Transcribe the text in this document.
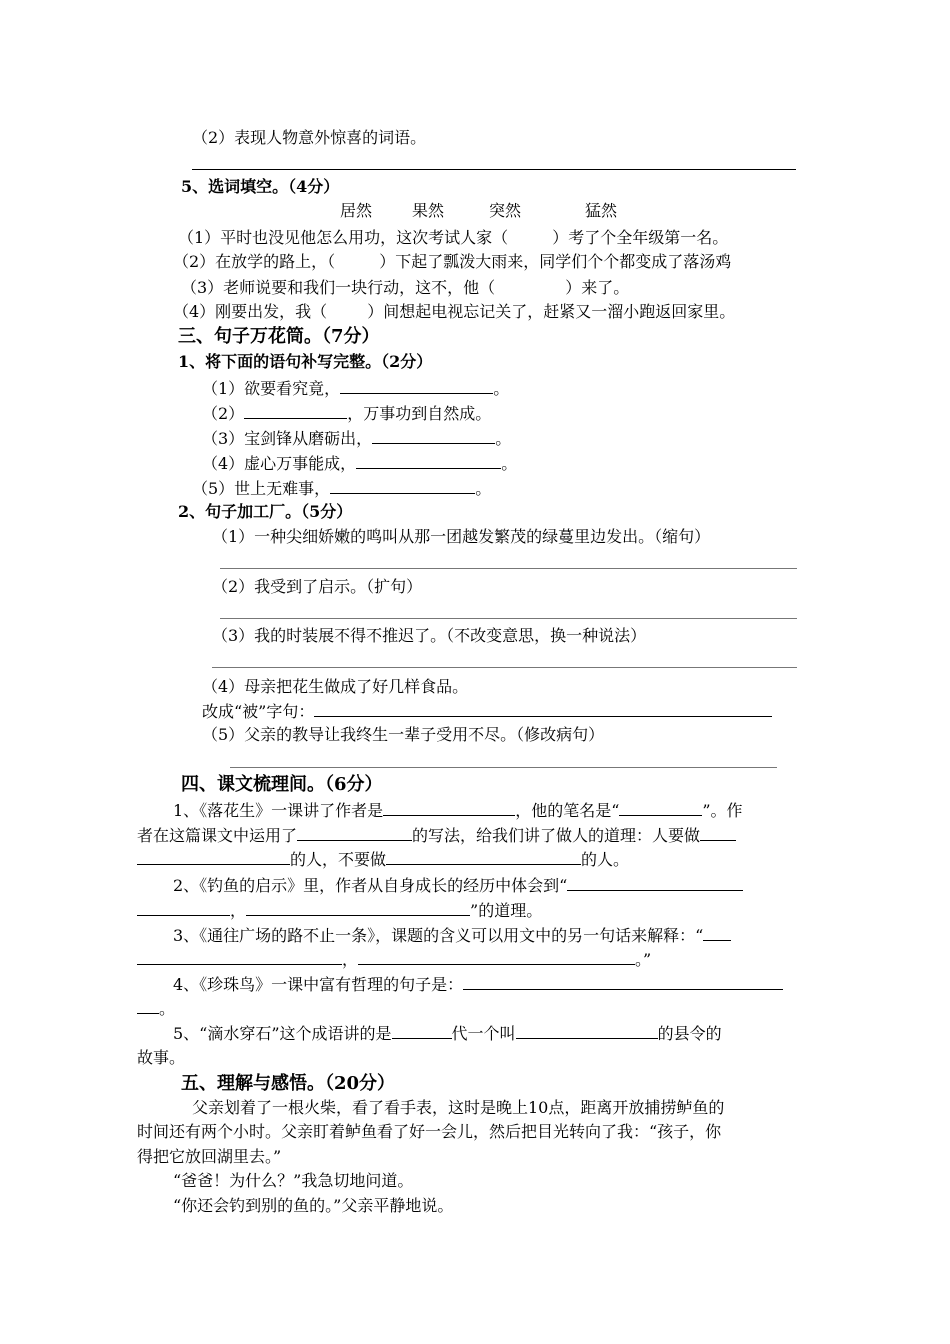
（2）表现人物意外惊喜的词语。
5、选词填空。（4分）
居然	果然	突然	猛然
（1）平时也没见他怎么用功，这次考试人家（	）考了个全年级第一名。
（2）在放学的路上，（	）下起了瓢泼大雨来，同学们个个都变成了落汤鸡
（3）老师说要和我们一块行动，这不，他（	）来了。
（4）刚要出发，我（	）间想起电视忘记关了，赶紧又一溜小跑返回家里。
三、句子万花筒。（7分）
1、将下面的语句补写完整。（2分）
（1）欲要看究竟，	。
（2）	，万事功到自然成。
（3）宝剑锋从磨砺出，	。
（4）虚心万事能成，	。
（5）世上无难事，	。
2、句子加工厂。（5分）
（1）一种尖细娇嫩的鸣叫从那一团越发繁茂的绿蔓里边发出。（缩句）
（2）我受到了启示。（扩句）
（3）我的时装展不得不推迟了。（不改变意思，换一种说法）
（4）母亲把花生做成了好几样食品。
改成“被”字句：
（5）父亲的教导让我终生一辈子受用不尽。（修改病句）
四、课文梳理间。（6分）
1、《落花生》一课讲了作者是	，他的笔名是“	”。作
者在这篇课文中运用了	的写法，给我们讲了做人的道理：人要做
的人，不要做	的人。
2、《钓鱼的启示》里，作者从自身成长的经历中体会到“
，	”的道理。
3、《通往广场的路不止一条》，课题的含义可以用文中的另一句话来解释：“
，	。”
4、《珍珠鸟》一课中富有哲理的句子是：
。
5、“滴水穿石”这个成语讲的是	代一个叫	的县令的
故事。
五、理解与感悟。（20分）
父亲划着了一根火柴，看了看手表，这时是晚上10点，距离开放捕捞鲈鱼的
时间还有两个小时。父亲盯着鲈鱼看了好一会儿，然后把目光转向了我：“孩子，你
得把它放回湖里去。”
“爸爸！为什么？”我急切地问道。
“你还会钓到别的鱼的。”父亲平静地说。
